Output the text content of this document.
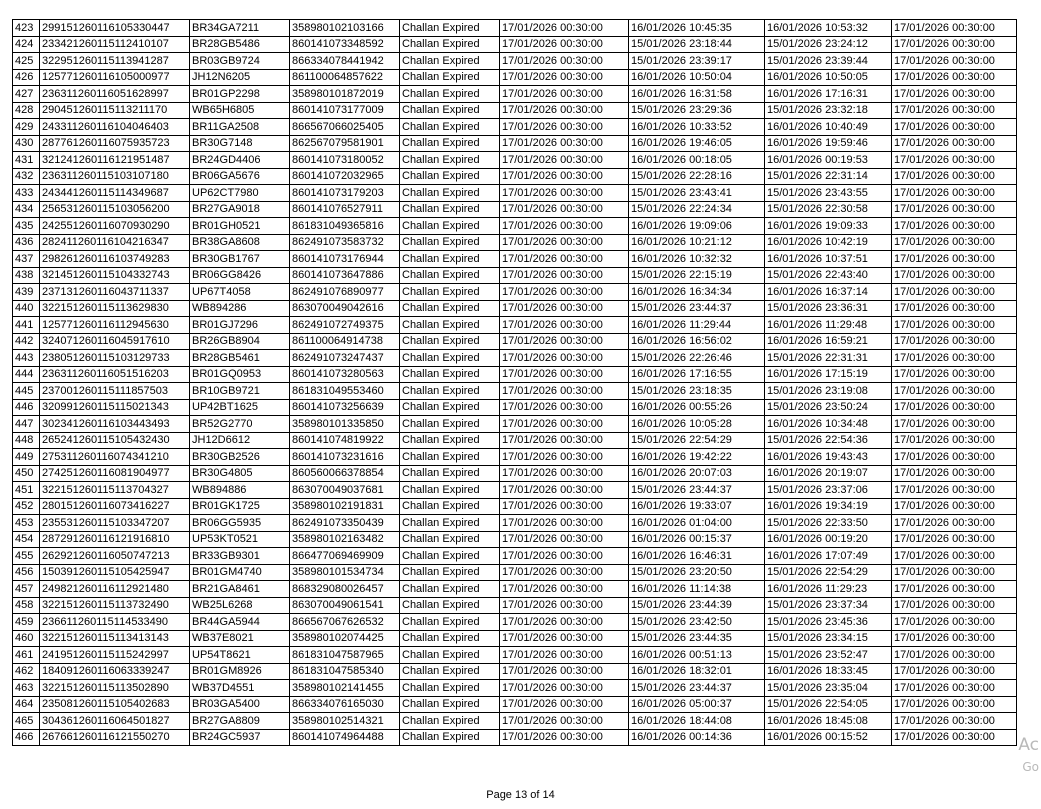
423	299151260116105330447	BR34GA7211	358980102103166	Challan Expired	17/01/2026 00:30:00	16/01/2026 10:45:35	16/01/2026 10:53:32	17/01/2026 00:30:00
424	233421260115112410107	BR28GB5486	860141073348592	Challan Expired	17/01/2026 00:30:00	15/01/2026 23:18:44	15/01/2026 23:24:12	17/01/2026 00:30:00
425	322951260115113941287	BR03GB9724	866334078441942	Challan Expired	17/01/2026 00:30:00	15/01/2026 23:39:17	15/01/2026 23:39:44	17/01/2026 00:30:00
426	125771260116105000977	JH12N6205	861100064857622	Challan Expired	17/01/2026 00:30:00	16/01/2026 10:50:04	16/01/2026 10:50:05	17/01/2026 00:30:00
427	236311260116051628997	BR01GP2298	358980101872019	Challan Expired	17/01/2026 00:30:00	16/01/2026 16:31:58	16/01/2026 17:16:31	17/01/2026 00:30:00
428	290451260115113211170	WB65H6805	860141073177009	Challan Expired	17/01/2026 00:30:00	15/01/2026 23:29:36	15/01/2026 23:32:18	17/01/2026 00:30:00
429	243311260116104046403	BR11GA2508	866567066025405	Challan Expired	17/01/2026 00:30:00	16/01/2026 10:33:52	16/01/2026 10:40:49	17/01/2026 00:30:00
430	287761260116075935723	BR30G7148	862567079581901	Challan Expired	17/01/2026 00:30:00	16/01/2026 19:46:05	16/01/2026 19:59:46	17/01/2026 00:30:00
431	321241260116121951487	BR24GD4406	860141073180052	Challan Expired	17/01/2026 00:30:00	16/01/2026 00:18:05	16/01/2026 00:19:53	17/01/2026 00:30:00
432	236311260115103107180	BR06GA5676	860141072032965	Challan Expired	17/01/2026 00:30:00	15/01/2026 22:28:16	15/01/2026 22:31:14	17/01/2026 00:30:00
433	243441260115114349687	UP62CT7980	860141073179203	Challan Expired	17/01/2026 00:30:00	15/01/2026 23:43:41	15/01/2026 23:43:55	17/01/2026 00:30:00
434	256531260115103056200	BR27GA9018	860141076527911	Challan Expired	17/01/2026 00:30:00	15/01/2026 22:24:34	15/01/2026 22:30:58	17/01/2026 00:30:00
435	242551260116070930290	BR01GH0521	861831049365816	Challan Expired	17/01/2026 00:30:00	16/01/2026 19:09:06	16/01/2026 19:09:33	17/01/2026 00:30:00
436	282411260116104216347	BR38GA8608	862491073583732	Challan Expired	17/01/2026 00:30:00	16/01/2026 10:21:12	16/01/2026 10:42:19	17/01/2026 00:30:00
437	298261260116103749283	BR30GB1767	860141073176944	Challan Expired	17/01/2026 00:30:00	16/01/2026 10:32:32	16/01/2026 10:37:51	17/01/2026 00:30:00
438	321451260115104332743	BR06GG8426	860141073647886	Challan Expired	17/01/2026 00:30:00	15/01/2026 22:15:19	15/01/2026 22:43:40	17/01/2026 00:30:00
439	237131260116043711337	UP67T4058	862491076890977	Challan Expired	17/01/2026 00:30:00	16/01/2026 16:34:34	16/01/2026 16:37:14	17/01/2026 00:30:00
440	322151260115113629830	WB894286	863070049042616	Challan Expired	17/01/2026 00:30:00	15/01/2026 23:44:37	15/01/2026 23:36:31	17/01/2026 00:30:00
441	125771260116112945630	BR01GJ7296	862491072749375	Challan Expired	17/01/2026 00:30:00	16/01/2026 11:29:44	16/01/2026 11:29:48	17/01/2026 00:30:00
442	324071260116045917610	BR26GB8904	861100064914738	Challan Expired	17/01/2026 00:30:00	16/01/2026 16:56:02	16/01/2026 16:59:21	17/01/2026 00:30:00
443	238051260115103129733	BR28GB5461	862491073247437	Challan Expired	17/01/2026 00:30:00	15/01/2026 22:26:46	15/01/2026 22:31:31	17/01/2026 00:30:00
444	236311260116051516203	BR01GQ0953	860141073280563	Challan Expired	17/01/2026 00:30:00	16/01/2026 17:16:55	16/01/2026 17:15:19	17/01/2026 00:30:00
445	237001260115111857503	BR10GB9721	861831049553460	Challan Expired	17/01/2026 00:30:00	15/01/2026 23:18:35	15/01/2026 23:19:08	17/01/2026 00:30:00
446	320991260115115021343	UP42BT1625	860141073256639	Challan Expired	17/01/2026 00:30:00	16/01/2026 00:55:26	15/01/2026 23:50:24	17/01/2026 00:30:00
447	302341260116103443493	BR52G2770	358980101335850	Challan Expired	17/01/2026 00:30:00	16/01/2026 10:05:28	16/01/2026 10:34:48	17/01/2026 00:30:00
448	265241260115105432430	JH12D6612	860141074819922	Challan Expired	17/01/2026 00:30:00	15/01/2026 22:54:29	15/01/2026 22:54:36	17/01/2026 00:30:00
449	275311260116074341210	BR30GB2526	860141073231616	Challan Expired	17/01/2026 00:30:00	16/01/2026 19:42:22	16/01/2026 19:43:43	17/01/2026 00:30:00
450	274251260116081904977	BR30G4805	860560066378854	Challan Expired	17/01/2026 00:30:00	16/01/2026 20:07:03	16/01/2026 20:19:07	17/01/2026 00:30:00
451	322151260115113704327	WB894886	863070049037681	Challan Expired	17/01/2026 00:30:00	15/01/2026 23:44:37	15/01/2026 23:37:06	17/01/2026 00:30:00
452	280151260116073416227	BR01GK1725	358980102191831	Challan Expired	17/01/2026 00:30:00	16/01/2026 19:33:07	16/01/2026 19:34:19	17/01/2026 00:30:00
453	235531260115103347207	BR06GG5935	862491073350439	Challan Expired	17/01/2026 00:30:00	16/01/2026 01:04:00	15/01/2026 22:33:50	17/01/2026 00:30:00
454	287291260116121916810	UP53KT0521	358980102163482	Challan Expired	17/01/2026 00:30:00	16/01/2026 00:15:37	16/01/2026 00:19:20	17/01/2026 00:30:00
455	262921260116050747213	BR33GB9301	866477069469909	Challan Expired	17/01/2026 00:30:00	16/01/2026 16:46:31	16/01/2026 17:07:49	17/01/2026 00:30:00
456	150391260115105425947	BR01GM4740	358980101534734	Challan Expired	17/01/2026 00:30:00	15/01/2026 23:20:50	15/01/2026 22:54:29	17/01/2026 00:30:00
457	249821260116112921480	BR21GA8461	868329080026457	Challan Expired	17/01/2026 00:30:00	16/01/2026 11:14:38	16/01/2026 11:29:23	17/01/2026 00:30:00
458	322151260115113732490	WB25L6268	863070049061541	Challan Expired	17/01/2026 00:30:00	15/01/2026 23:44:39	15/01/2026 23:37:34	17/01/2026 00:30:00
459	236611260115114533490	BR44GA5944	866567067626532	Challan Expired	17/01/2026 00:30:00	15/01/2026 23:42:50	15/01/2026 23:45:36	17/01/2026 00:30:00
460	322151260115113413143	WB37E8021	358980102074425	Challan Expired	17/01/2026 00:30:00	15/01/2026 23:44:35	15/01/2026 23:34:15	17/01/2026 00:30:00
461	241951260115115242997	UP54T8621	861831047587965	Challan Expired	17/01/2026 00:30:00	16/01/2026 00:51:13	15/01/2026 23:52:47	17/01/2026 00:30:00
462	184091260116063339247	BR01GM8926	861831047585340	Challan Expired	17/01/2026 00:30:00	16/01/2026 18:32:01	16/01/2026 18:33:45	17/01/2026 00:30:00
463	322151260115113502890	WB37D4551	358980102141455	Challan Expired	17/01/2026 00:30:00	15/01/2026 23:44:37	15/01/2026 23:35:04	17/01/2026 00:30:00
464	235081260115105402683	BR03GA5400	866334076165030	Challan Expired	17/01/2026 00:30:00	16/01/2026 05:00:37	15/01/2026 22:54:05	17/01/2026 00:30:00
465	304361260116064501827	BR27GA8809	358980102514321	Challan Expired	17/01/2026 00:30:00	16/01/2026 18:44:08	16/01/2026 18:45:08	17/01/2026 00:30:00
466	267661260116121550270	BR24GC5937	860141074964488	Challan Expired	17/01/2026 00:30:00	16/01/2026 00:14:36	16/01/2026 00:15:52	17/01/2026 00:30:00
Page 13 of 14
Ac
Go
